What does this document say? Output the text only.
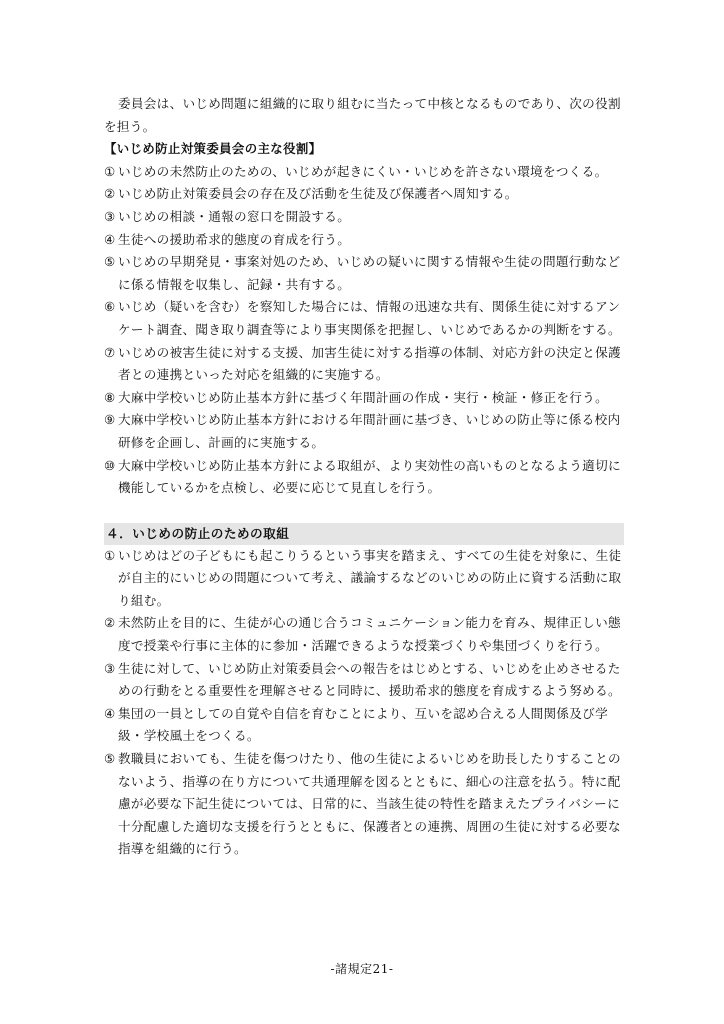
委員会は、いじめ問題に組織的に取り組むに当たって中核となるものであり、次の役割を担う。

【いじめ防止対策委員会の主な役割】

① いじめの未然防止のための、いじめが起きにくい・いじめを許さない環境をつくる。

② いじめ防止対策委員会の存在及び活動を生徒及び保護者へ周知する。

③ いじめの相談・通報の窓口を開設する。

④ 生徒への援助希求的態度の育成を行う。

⑤ いじめの早期発見・事案対処のため、いじめの疑いに関する情報や生徒の問題行動などに係る情報を収集し、記録・共有する。

⑥ いじめ（疑いを含む）を察知した場合には、情報の迅速な共有、関係生徒に対するアンケート調査、聞き取り調査等により事実関係を把握し、いじめであるかの判断をする。

⑦ いじめの被害生徒に対する支援、加害生徒に対する指導の体制、対応方針の決定と保護者との連携といった対応を組織的に実施する。

⑧ 大麻中学校いじめ防止基本方針に基づく年間計画の作成・実行・検証・修正を行う。

⑨ 大麻中学校いじめ防止基本方針における年間計画に基づき、いじめの防止等に係る校内研修を企画し、計画的に実施する。

⑩ 大麻中学校いじめ防止基本方針による取組が、より実効性の高いものとなるよう適切に機能しているかを点検し、必要に応じて見直しを行う。

４．いじめの防止のための取組

① いじめはどの子どもにも起こりうるという事実を踏まえ、すべての生徒を対象に、生徒が自主的にいじめの問題について考え、議論するなどのいじめの防止に資する活動に取り組む。

② 未然防止を目的に、生徒が心の通じ合うコミュニケーション能力を育み、規律正しい態度で授業や行事に主体的に参加・活躍できるような授業づくりや集団づくりを行う。

③ 生徒に対して、いじめ防止対策委員会への報告をはじめとする、いじめを止めさせるための行動をとる重要性を理解させると同時に、援助希求的態度を育成するよう努める。

④ 集団の一員としての自覚や自信を育むことにより、互いを認め合える人間関係及び学級・学校風土をつくる。

⑤ 教職員においても、生徒を傷つけたり、他の生徒によるいじめを助長したりすることのないよう、指導の在り方について共通理解を図るとともに、細心の注意を払う。特に配慮が必要な下記生徒については、日常的に、当該生徒の特性を踏まえたプライバシーに十分配慮した適切な支援を行うとともに、保護者との連携、周囲の生徒に対する必要な指導を組織的に行う。

-諸規定21-
